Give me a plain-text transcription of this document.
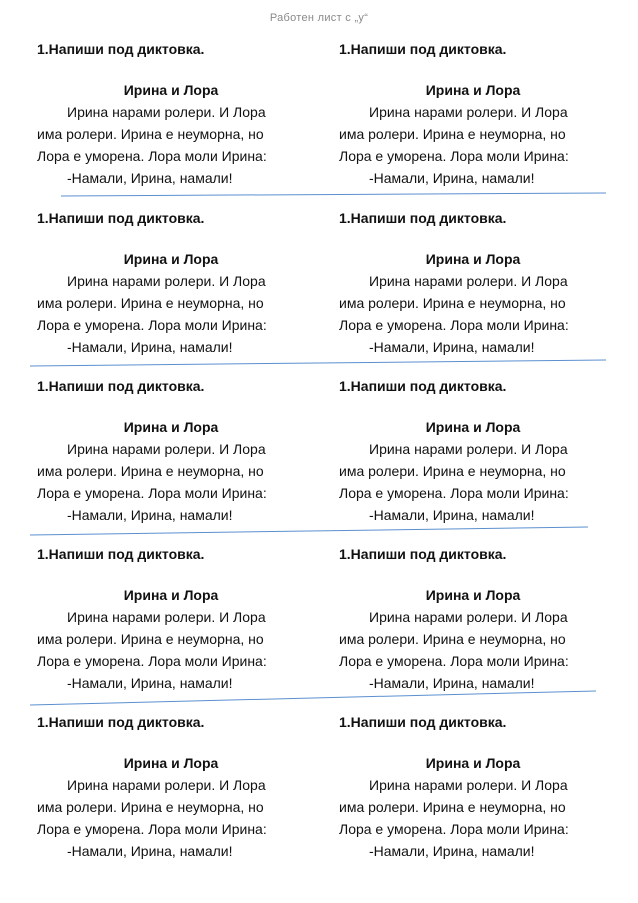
Работен лист с „у“
1.Напиши под диктовка.
Ирина и Лора

Ирина нарами ролери. И Лора

има ролери. Ирина е неуморна, но

Лора е уморена. Лора моли Ирина:

-Намали, Ирина, намали!

1.Напиши под диктовка.
Ирина и Лора

Ирина нарами ролери. И Лора

има ролери. Ирина е неуморна, но

Лора е уморена. Лора моли Ирина:

-Намали, Ирина, намали!

1.Напиши под диктовка.
Ирина и Лора

Ирина нарами ролери. И Лора

има ролери. Ирина е неуморна, но

Лора е уморена. Лора моли Ирина:

-Намали, Ирина, намали!

1.Напиши под диктовка.
Ирина и Лора

Ирина нарами ролери. И Лора

има ролери. Ирина е неуморна, но

Лора е уморена. Лора моли Ирина:

-Намали, Ирина, намали!

1.Напиши под диктовка.
Ирина и Лора

Ирина нарами ролери. И Лора

има ролери. Ирина е неуморна, но

Лора е уморена. Лора моли Ирина:

-Намали, Ирина, намали!

1.Напиши под диктовка.
Ирина и Лора

Ирина нарами ролери. И Лора

има ролери. Ирина е неуморна, но

Лора е уморена. Лора моли Ирина:

-Намали, Ирина, намали!

1.Напиши под диктовка.
Ирина и Лора

Ирина нарами ролери. И Лора

има ролери. Ирина е неуморна, но

Лора е уморена. Лора моли Ирина:

-Намали, Ирина, намали!

1.Напиши под диктовка.
Ирина и Лора

Ирина нарами ролери. И Лора

има ролери. Ирина е неуморна, но

Лора е уморена. Лора моли Ирина:

-Намали, Ирина, намали!

1.Напиши под диктовка.
Ирина и Лора

Ирина нарами ролери. И Лора

има ролери. Ирина е неуморна, но

Лора е уморена. Лора моли Ирина:

-Намали, Ирина, намали!

1.Напиши под диктовка.
Ирина и Лора

Ирина нарами ролери. И Лора

има ролери. Ирина е неуморна, но

Лора е уморена. Лора моли Ирина:

-Намали, Ирина, намали!
